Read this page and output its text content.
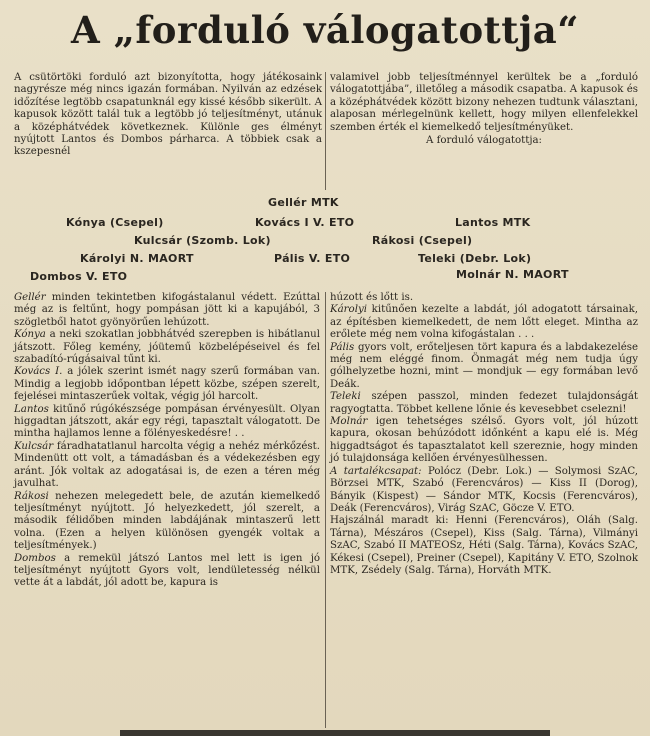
A „forduló válogatottja“

A csütörtöki forduló azt bizonyította, hogy játékosaink nagyrésze még nincs igazán formában. Nyilván az edzések időzítése legtöbb csapatunknál egy kissé később sikerült. A kapusok között talál tuk a legtöbb jó teljesítményt, utánuk a középhátvédek következnek. Különle ges élményt nyújtott Lantos és Dombos párharca. A többiek csak a kszepesnél

valamivel jobb teljesítménnyel kerültek be a „forduló válogatottjába”, illetőleg a második csapatba. A kapusok és a középhátvédek között bizony nehezen tudtunk választani, alaposan mérlegelnünk kellett, hogy milyen ellenfelekkel szemben érték el kiemelkedő teljesítményüket.

A forduló válogatottja:
Gellér MTK
Kónya (Csepel)	Kovács I V. ETO	Lantos MTK
Kulcsár (Szomb. Lok)	Rákosi (Csepel)
Károlyi N. MAORT	Pális V. ETO	Teleki (Debr. Lok)
Dombos V. ETO	Molnár N. MAORT

Gellér minden tekintetben kifogástalanul védett. Ezúttal még az is feltűnt, hogy pompásan jött ki a kapujából, 3 szögletből hatot gyönyörűen lehúzott.

Kónya a neki szokatlan jobbhátvéd szerepben is hibátlanul játszott. Főleg kemény, jóütemű közbelépéseivel és fel szabadító-rúgásaival tűnt ki.

Kovács I. a jólek szerint ismét nagy szerű formában van. Mindig a legjobb időpontban lépett közbe, szépen szerelt, fejelései mintaszerűek voltak, végig jól harcolt.

Lantos kitűnő rúgókészsége pompásan érvényesült. Olyan higgadtan játszott, akár egy régi, tapasztalt válogatott. De mintha hajlamos lenne a fölényeskedésre! . .

Kulcsár fáradhatatlanul harcolta végig a nehéz mérkőzést. Mindenütt ott volt, a támadásban és a védekezésben egy aránt. Jók voltak az adogatásai is, de ezen a téren még javulhat.

Rákosi nehezen melegedett bele, de azután kiemelkedő teljesítményt nyújtott. Jó helyezkedett, jól szerelt, a második félidőben minden labdájának mintaszerű lett volna. (Ezen a helyen különösen gyengék voltak a teljesítmények.)

Dombos a remekül játszó Lantos mel lett is igen jó teljesítményt nyújtott Gyors volt, lendületesség nélkül vette át a labdát, jól adott be, kapura is

húzott és lőtt is.

Károlyi kitűnően kezelte a labdát, jól adogatott társainak, az építésben kiemelkedett, de nem lőtt eleget. Mintha az erőlete még nem volna kifogástalan . . .

Pális gyors volt, erőteljesen tört kapura és a labdakezelése még nem eléggé finom. Önmagát még nem tudja úgy gólhelyzetbe hozni, mint — mondjuk — egy formában levő Deák.

Teleki szépen passzol, minden fedezet tulajdonságát ragyogtatta. Többet kellene lőnie és kevesebbet cselezni!

Molnár igen tehetséges szélső. Gyors volt, jól húzott kapura, okosan behúzódott időnként a kapu elé is. Még higgadtságot és tapasztalatot kell szereznie, hogy minden jó tulajdonsága kellően érvényesülhessen.

A tartalékcsapat: Polócz (Debr. Lok.) — Solymosi SzAC, Börzsei MTK, Szabó (Ferencváros) — Kiss II (Dorog), Bányik (Kispest) — Sándor MTK, Kocsis (Ferencváros), Deák (Ferencváros), Virág SzAC, Göcze V. ETO.

Hajszálnál maradt ki: Henni (Ferencváros), Oláh (Salg. Tárna), Mészáros (Csepel), Kiss (Salg. Tárna), Vilmányi SzAC, Szabó II MATEOSz, Héti (Salg. Tárna), Kovács SzAC, Kékesi (Csepel), Preiner (Csepel), Kapitány V. ETO, Szolnok MTK, Zsédely (Salg. Tárna), Horváth MTK.
